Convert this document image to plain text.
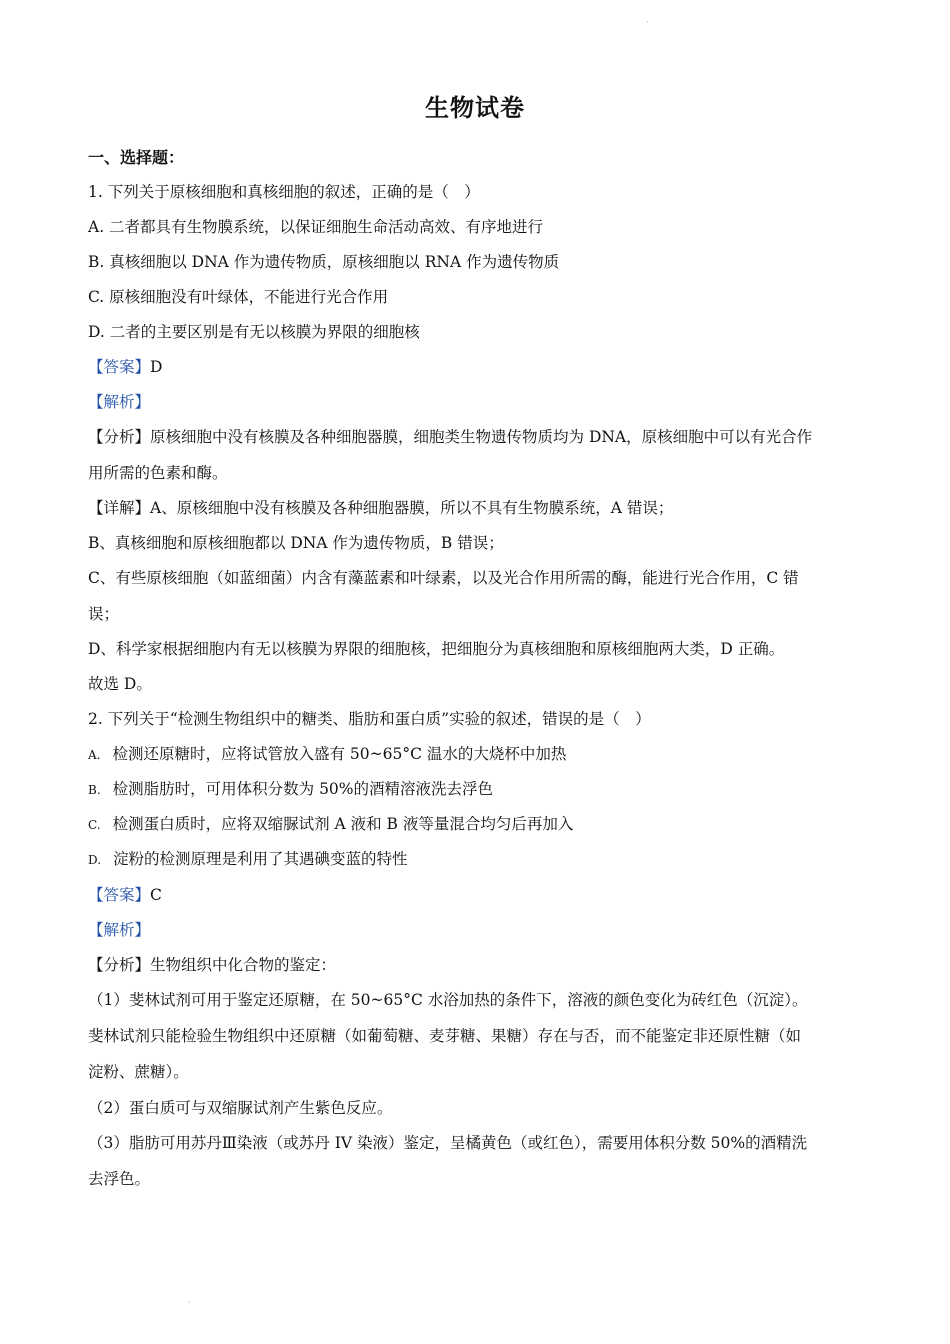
·
生物试卷
一、选择题：
1. 下列关于原核细胞和真核细胞的叙述，正确的是（　）
A. 二者都具有生物膜系统，以保证细胞生命活动高效、有序地进行
B. 真核细胞以 DNA 作为遗传物质，原核细胞以 RNA 作为遗传物质
C. 原核细胞没有叶绿体，不能进行光合作用
D. 二者的主要区别是有无以核膜为界限的细胞核
【答案】D
【解析】
【分析】原核细胞中没有核膜及各种细胞器膜，细胞类生物遗传物质均为 DNA，原核细胞中可以有光合作
用所需的色素和酶。
【详解】A、原核细胞中没有核膜及各种细胞器膜，所以不具有生物膜系统，A 错误；
B、真核细胞和原核细胞都以 DNA 作为遗传物质，B 错误；
C、有些原核细胞（如蓝细菌）内含有藻蓝素和叶绿素，以及光合作用所需的酶，能进行光合作用，C 错
误；
D、科学家根据细胞内有无以核膜为界限的细胞核，把细胞分为真核细胞和原核细胞两大类，D 正确。
故选 D。
2. 下列关于“检测生物组织中的糖类、脂肪和蛋白质”实验的叙述，错误的是（　）
A. 检测还原糖时，应将试管放入盛有 50~65°C 温水的大烧杯中加热
B. 检测脂肪时，可用体积分数为 50%的酒精溶液洗去浮色
C. 检测蛋白质时，应将双缩脲试剂 A 液和 B 液等量混合均匀后再加入
D. 淀粉的检测原理是利用了其遇碘变蓝的特性
【答案】C
【解析】
【分析】生物组织中化合物的鉴定：
（1）斐林试剂可用于鉴定还原糖，在 50~65°C 水浴加热的条件下，溶液的颜色变化为砖红色（沉淀）。
斐林试剂只能检验生物组织中还原糖（如葡萄糖、麦芽糖、果糖）存在与否，而不能鉴定非还原性糖（如
淀粉、蔗糖）。
（2）蛋白质可与双缩脲试剂产生紫色反应。
（3）脂肪可用苏丹Ⅲ染液（或苏丹 IV 染液）鉴定，呈橘黄色（或红色），需要用体积分数 50%的酒精洗
去浮色。
·
